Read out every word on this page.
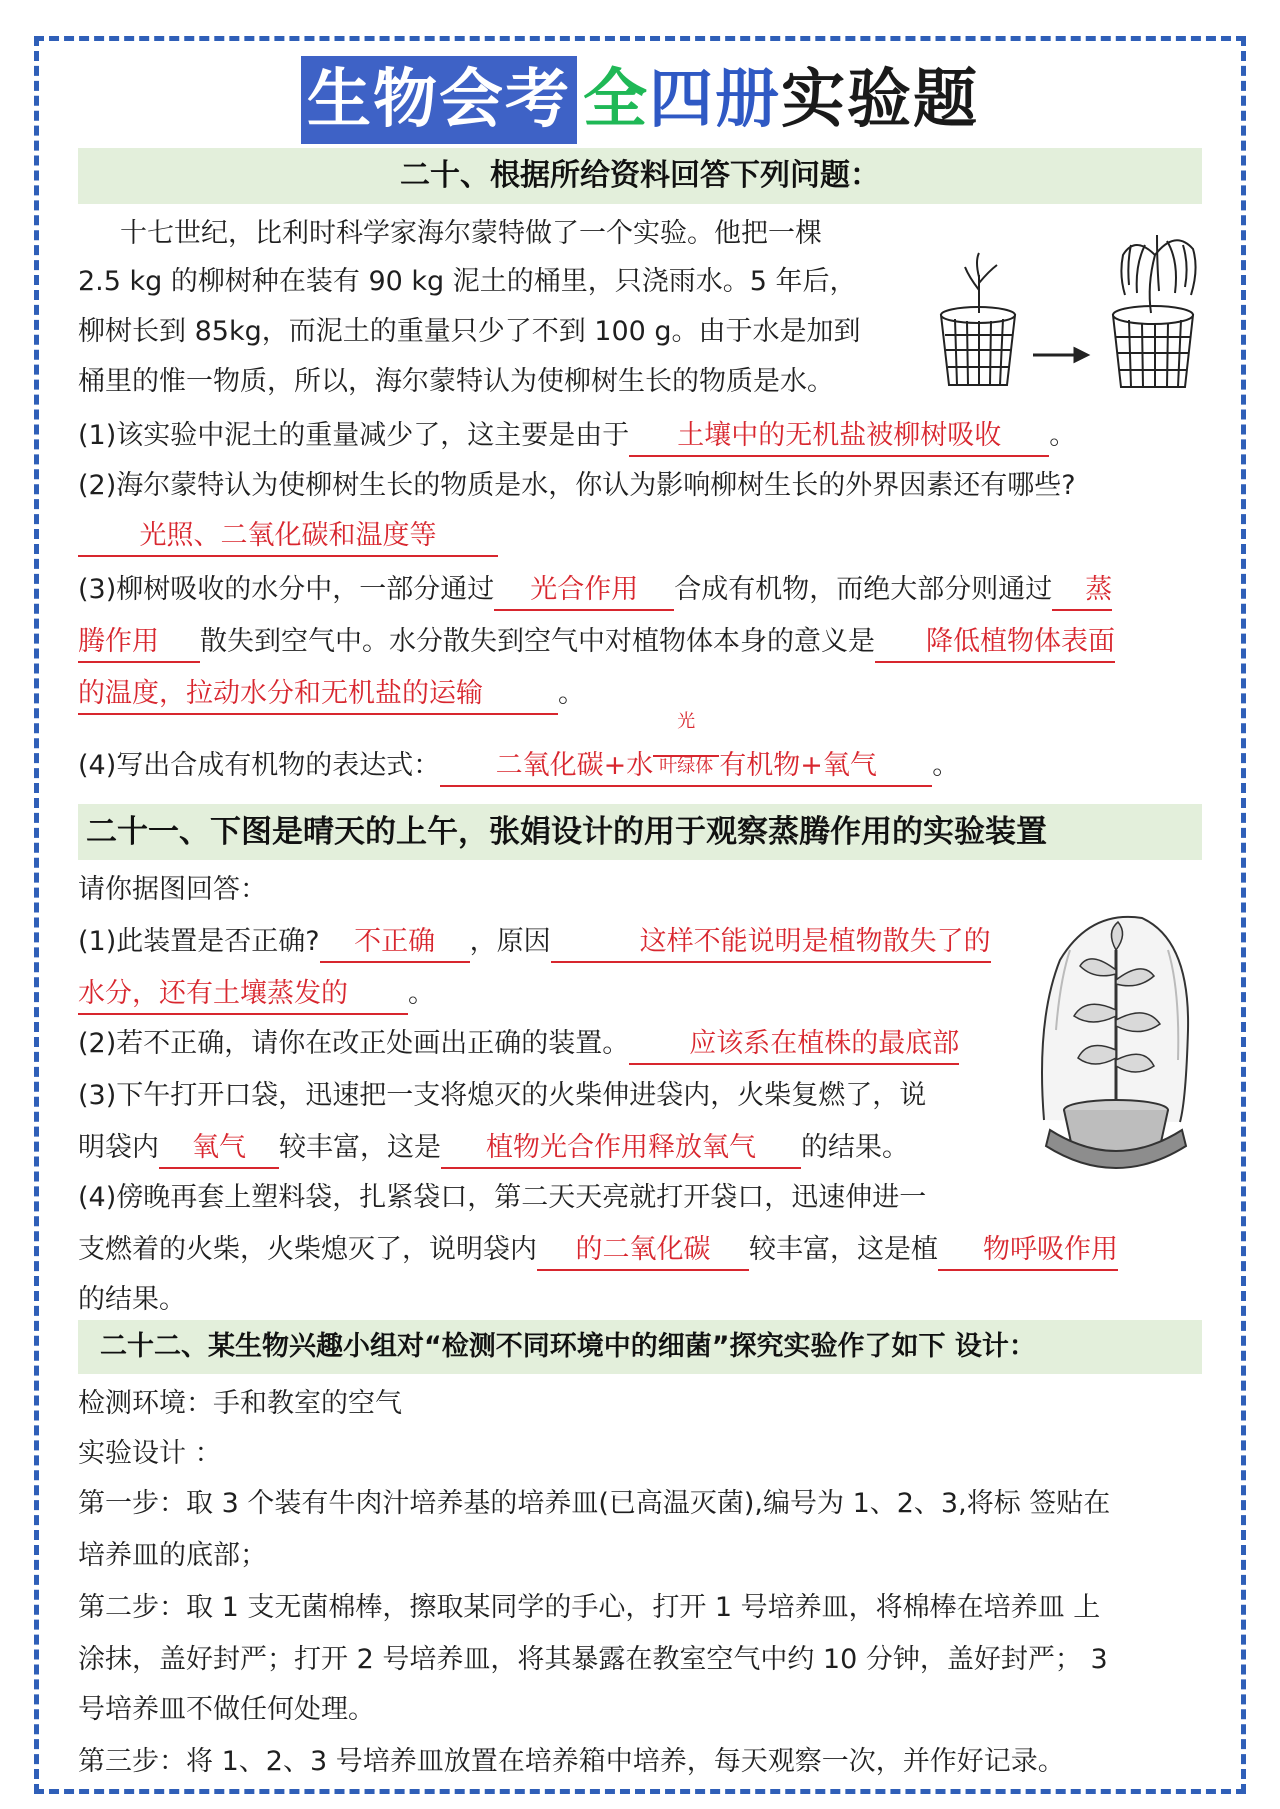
生物会考 全四册实验题
二十、根据所给资料回答下列问题：
十七世纪，比利时科学家海尔蒙特做了一个实验。他把一棵
2.5 kg 的柳树种在装有 90 kg 泥土的桶里，只浇雨水。5 年后，
柳树长到 85kg，而泥土的重量只少了不到 100 g。由于水是加到
桶里的惟一物质，所以，海尔蒙特认为使柳树生长的物质是水。
(1)该实验中泥土的重量减少了，这主要是由于 土壤中的无机盐被柳树吸收 。
(2)海尔蒙特认为使柳树生长的物质是水，你认为影响柳树生长的外界因素还有哪些?
光照、二氧化碳和温度等
(3)柳树吸收的水分中，一部分通过 光合作用 合成有机物，而绝大部分则通过 蒸
腾作用 散失到空气中。水分散失到空气中对植物体本身的意义是 降低植物体表面
的温度，拉动水分和无机盐的运输	。
(4)写出合成有机物的表达式： 二氧化碳+水
光
叶绿体 有机物+氧气 。
二十一、下图是晴天的上午，张娟设计的用于观察蒸腾作用的实验装置
请你据图回答：
(1)此装置是否正确? 不正确 ，原因	这样不能说明是植物散失了的
水分，还有土壤蒸发的 。
(2)若不正确，请你在改正处画出正确的装置。 应该系在植株的最底部
(3)下午打开口袋，迅速把一支将熄灭的火柴伸进袋内，火柴复燃了，说
明袋内 氧气 较丰富，这是 植物光合作用释放氧气 的结果。
(4)傍晚再套上塑料袋，扎紧袋口，第二天天亮就打开袋口，迅速伸进一
支燃着的火柴，火柴熄灭了，说明袋内 的二氧化碳 较丰富，这是植 物呼吸作用
的结果。
二十二、某生物兴趣小组对“检测不同环境中的细菌”探究实验作了如下 设计：
检测环境：手和教室的空气
实验设计 ：
第一步：取 3 个装有牛肉汁培养基的培养皿(已高温灭菌),编号为 1、2、3,将标 签贴在
培养皿的底部；
第二步：取 1 支无菌棉棒，擦取某同学的手心，打开 1 号培养皿，将棉棒在培养皿 上
涂抹，盖好封严；打开 2 号培养皿，将其暴露在教室空气中约 10 分钟，盖好封严； 3
号培养皿不做任何处理。
第三步：将 1、2、3 号培养皿放置在培养箱中培养，每天观察一次，并作好记录。
